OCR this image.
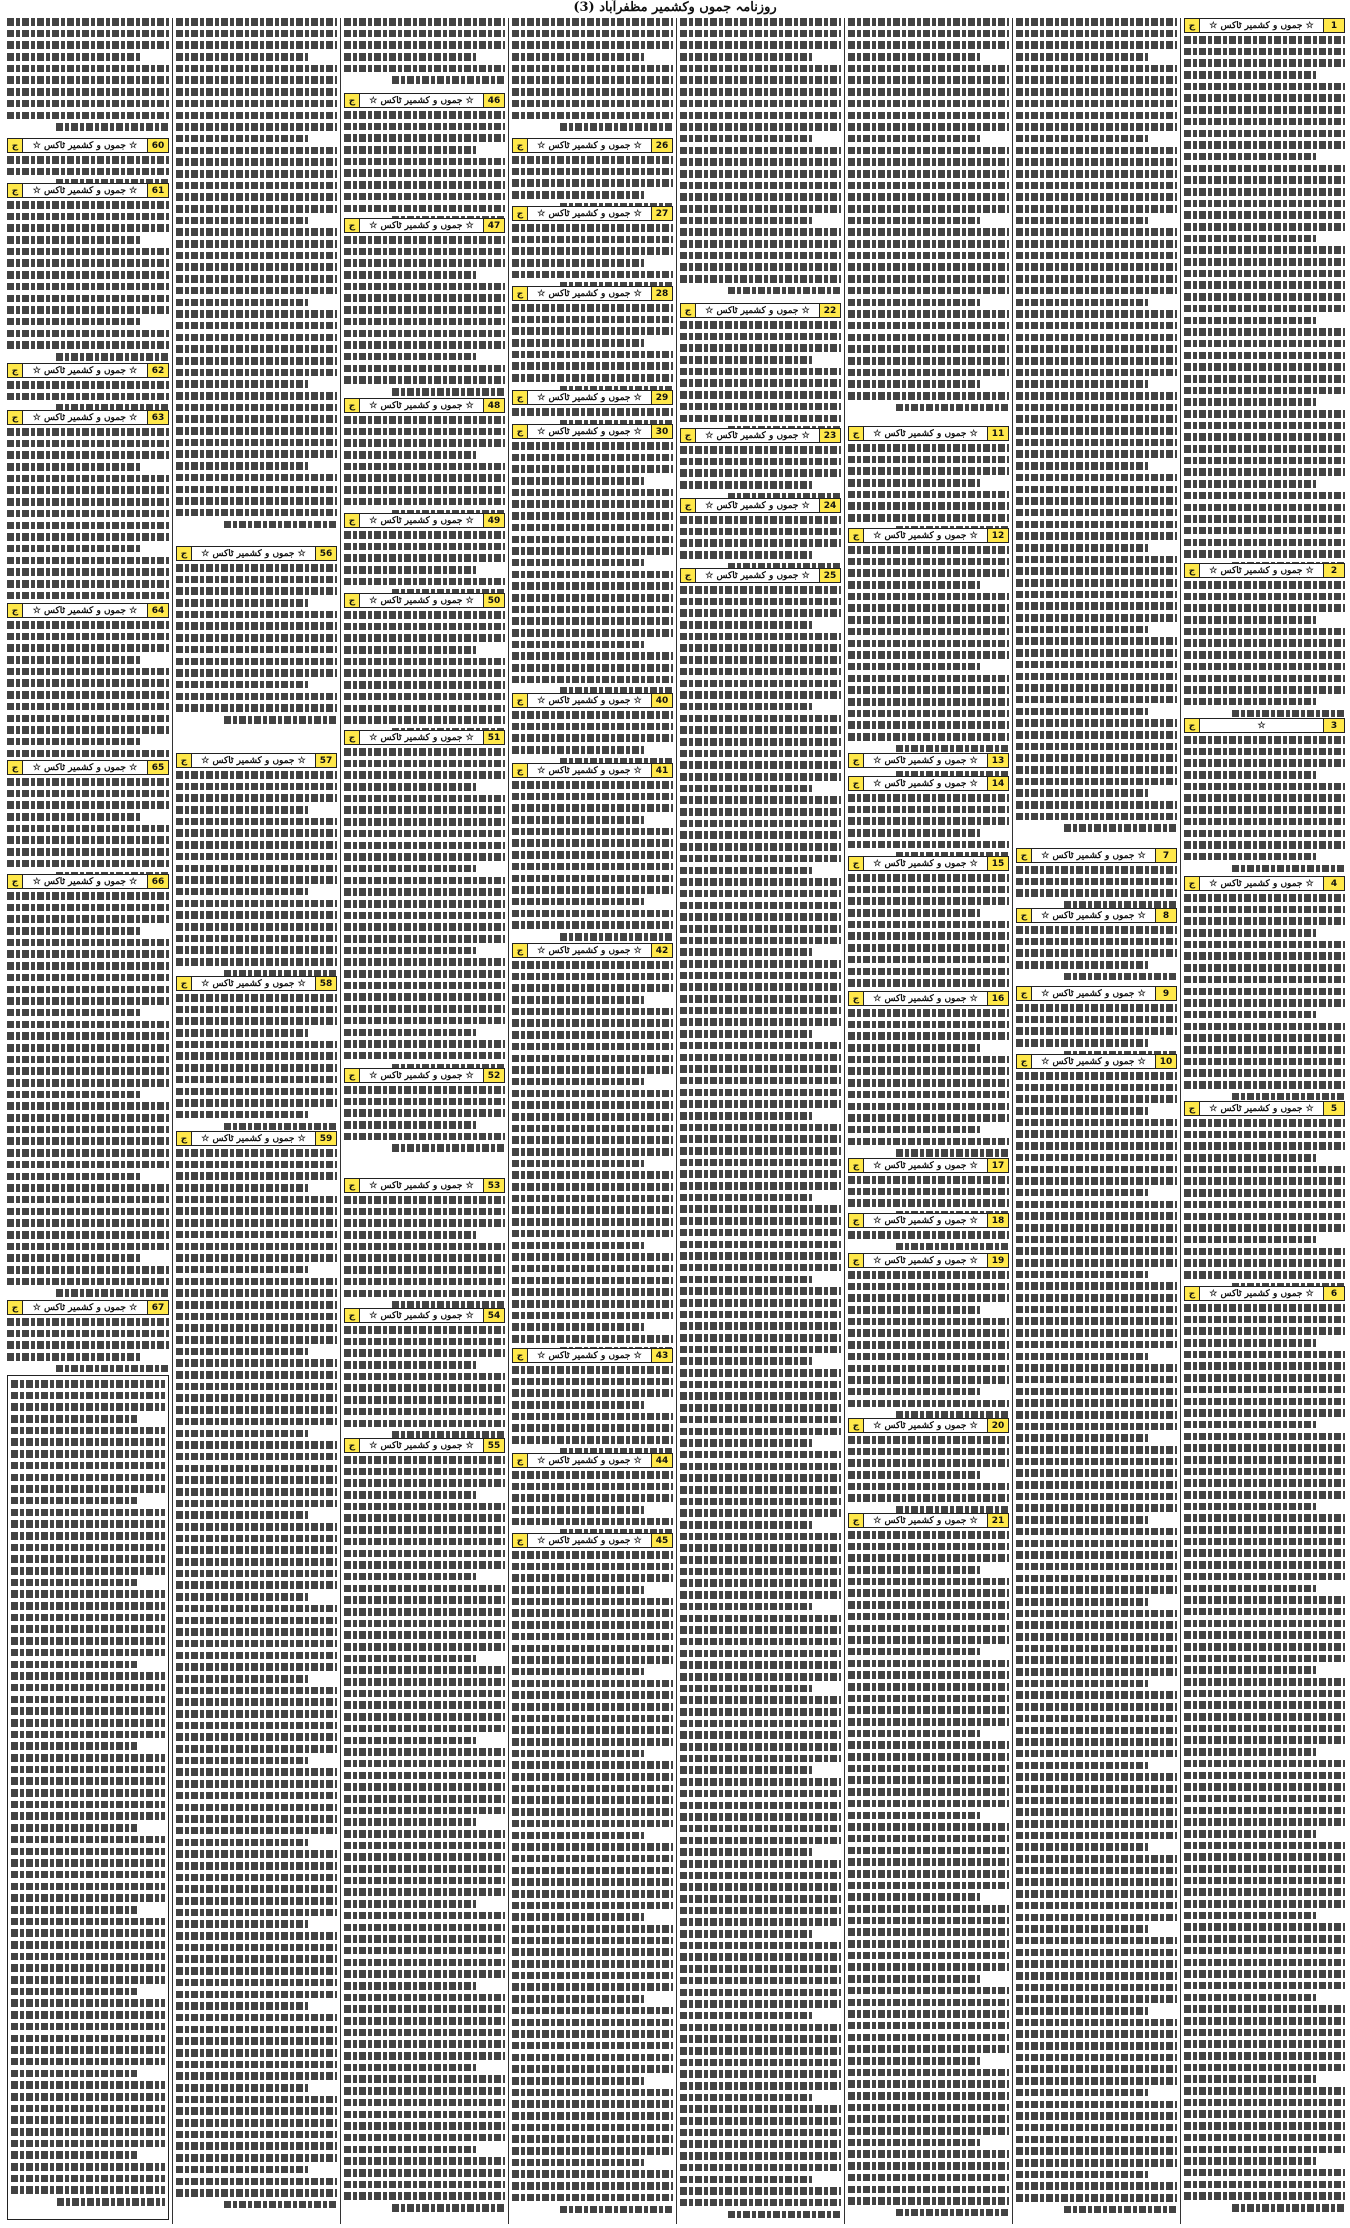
روزنامہ جموں وکشمیر مظفرآباد (3)
1
☆ جموں و کشمیر ٹاکس ☆
ج
2
☆ جموں و کشمیر ٹاکس ☆
ج
3
☆
ج
4
☆ جموں و کشمیر ٹاکس ☆
ج
5
☆ جموں و کشمیر ٹاکس ☆
ج
6
☆ جموں و کشمیر ٹاکس ☆
ج
7
☆ جموں و کشمیر ٹاکس ☆
ج
8
☆ جموں و کشمیر ٹاکس ☆
ج
9
☆ جموں و کشمیر ٹاکس ☆
ج
10
☆ جموں و کشمیر ٹاکس ☆
ج
11
☆ جموں و کشمیر ٹاکس ☆
ج
12
☆ جموں و کشمیر ٹاکس ☆
ج
13
☆ جموں و کشمیر ٹاکس ☆
ج
14
☆ جموں و کشمیر ٹاکس ☆
ج
15
☆ جموں و کشمیر ٹاکس ☆
ج
16
☆ جموں و کشمیر ٹاکس ☆
ج
17
☆ جموں و کشمیر ٹاکس ☆
ج
18
☆ جموں و کشمیر ٹاکس ☆
ج
19
☆ جموں و کشمیر ٹاکس ☆
ج
20
☆ جموں و کشمیر ٹاکس ☆
ج
21
☆ جموں و کشمیر ٹاکس ☆
ج
22
☆ جموں و کشمیر ٹاکس ☆
ج
23
☆ جموں و کشمیر ٹاکس ☆
ج
24
☆ جموں و کشمیر ٹاکس ☆
ج
25
☆ جموں و کشمیر ٹاکس ☆
ج
26
☆ جموں و کشمیر ٹاکس ☆
ج
27
☆ جموں و کشمیر ٹاکس ☆
ج
28
☆ جموں و کشمیر ٹاکس ☆
ج
29
☆ جموں و کشمیر ٹاکس ☆
ج
30
☆ جموں و کشمیر ٹاکس ☆
ج
40
☆ جموں و کشمیر ٹاکس ☆
ج
41
☆ جموں و کشمیر ٹاکس ☆
ج
42
☆ جموں و کشمیر ٹاکس ☆
ج
43
☆ جموں و کشمیر ٹاکس ☆
ج
44
☆ جموں و کشمیر ٹاکس ☆
ج
45
☆ جموں و کشمیر ٹاکس ☆
ج
46
☆ جموں و کشمیر ٹاکس ☆
ج
47
☆ جموں و کشمیر ٹاکس ☆
ج
48
☆ جموں و کشمیر ٹاکس ☆
ج
49
☆ جموں و کشمیر ٹاکس ☆
ج
50
☆ جموں و کشمیر ٹاکس ☆
ج
51
☆ جموں و کشمیر ٹاکس ☆
ج
52
☆ جموں و کشمیر ٹاکس ☆
ج
53
☆ جموں و کشمیر ٹاکس ☆
ج
54
☆ جموں و کشمیر ٹاکس ☆
ج
55
☆ جموں و کشمیر ٹاکس ☆
ج
56
☆ جموں و کشمیر ٹاکس ☆
ج
57
☆ جموں و کشمیر ٹاکس ☆
ج
58
☆ جموں و کشمیر ٹاکس ☆
ج
59
☆ جموں و کشمیر ٹاکس ☆
ج
60
☆ جموں و کشمیر ٹاکس ☆
ج
61
☆ جموں و کشمیر ٹاکس ☆
ج
62
☆ جموں و کشمیر ٹاکس ☆
ج
63
☆ جموں و کشمیر ٹاکس ☆
ج
64
☆ جموں و کشمیر ٹاکس ☆
ج
65
☆ جموں و کشمیر ٹاکس ☆
ج
66
☆ جموں و کشمیر ٹاکس ☆
ج
67
☆ جموں و کشمیر ٹاکس ☆
ج
